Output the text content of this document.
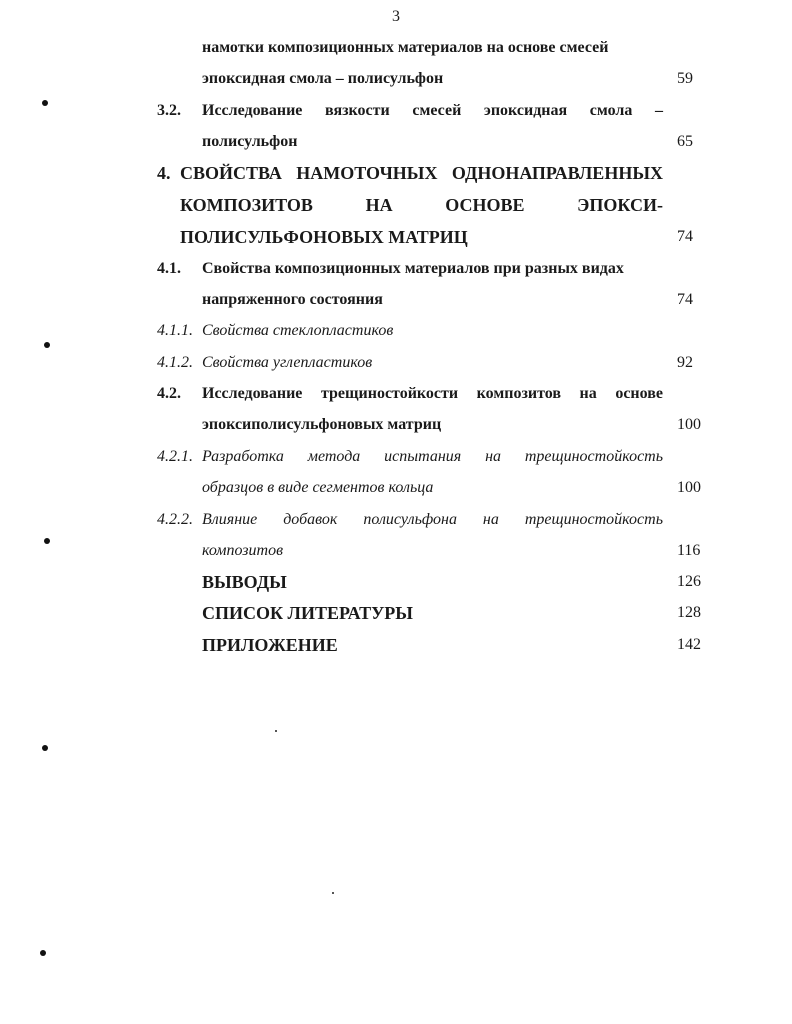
3
намотки композиционных материалов на основе смесей
эпоксидная смола – полисульфон	59
3.2. Исследование вязкости смесей эпоксидная смола –
полисульфон	65
4. СВОЙСТВА НАМОТОЧНЫХ ОДНОНАПРАВЛЕННЫХ
КОМПОЗИТОВ НА ОСНОВЕ ЭПОКСИ-
ПОЛИСУЛЬФОНОВЫХ МАТРИЦ	74
4.1. Свойства композиционных материалов при разных видах
напряженного состояния	74
4.1.1. Свойства стеклопластиков
4.1.2. Свойства углепластиков	92
4.2. Исследование трещиностойкости композитов на основе
эпоксиполисульфоновых матриц	100
4.2.1. Разработка метода испытания на трещиностойкость
образцов в виде сегментов кольца	100
4.2.2. Влияние добавок полисульфона на трещиностойкость
композитов	116
ВЫВОДЫ	126
СПИСОК ЛИТЕРАТУРЫ	128
ПРИЛОЖЕНИЕ	142
